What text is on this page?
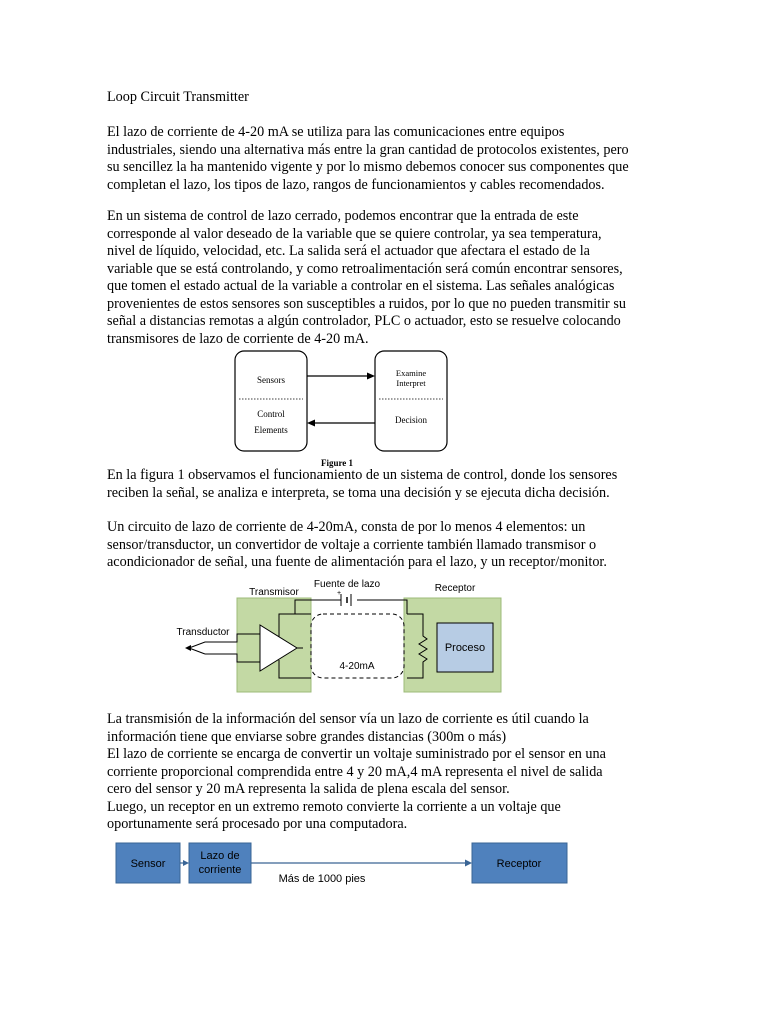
Loop Circuit Transmitter
El lazo de corriente de 4-20 mA se utiliza para las comunicaciones entre equipos
industriales, siendo una alternativa más entre la gran cantidad de protocolos existentes, pero
su sencillez la ha mantenido vigente y por lo mismo debemos conocer sus componentes que
completan el lazo, los tipos de lazo, rangos de funcionamientos y cables recomendados.
En un sistema de control de lazo cerrado, podemos encontrar que la entrada de este
corresponde al valor deseado de la variable que se quiere controlar, ya sea temperatura,
nivel de líquido, velocidad, etc. La salida será el actuador que afectara el estado de la
variable que se está controlando, y como retroalimentación será común encontrar sensores,
que tomen el estado actual de la variable a controlar en el sistema. Las señales analógicas
provenientes de estos sensores son susceptibles a ruidos, por lo que no pueden transmitir su
señal a distancias remotas a algún controlador, PLC o actuador, esto se resuelve colocando
transmisores de lazo de corriente de 4-20 mA.
Sensors
Control
Elements
Examine
Interpret
Decision
Figure 1
En la figura 1 observamos el funcionamiento de un sistema de control, donde los sensores
reciben la señal, se analiza e interpreta, se toma una decisión y se ejecuta dicha decisión.
Un circuito de lazo de corriente de 4-20mA, consta de por lo menos 4 elementos: un
sensor/transductor, un convertidor de voltaje a corriente también llamado transmisor o
acondicionador de señal, una fuente de alimentación para el lazo, y un receptor/monitor.
+
Transmisor
Fuente de lazo	Receptor
Transductor
Proceso
4-20mA
La transmisión de la información del sensor vía un lazo de corriente es útil cuando la
información tiene que enviarse sobre grandes distancias (300m o más)
El lazo de corriente se encarga de convertir un voltaje suministrado por el sensor en una
corriente proporcional comprendida entre 4 y 20 mA,4 mA representa el nivel de salida
cero del sensor y 20 mA representa la salida de plena escala del sensor.
Luego, un receptor en un extremo remoto convierte la corriente a un voltaje que
oportunamente será procesado por una computadora.
Sensor
Lazo de
corriente
Más de 1000 pies
Receptor
